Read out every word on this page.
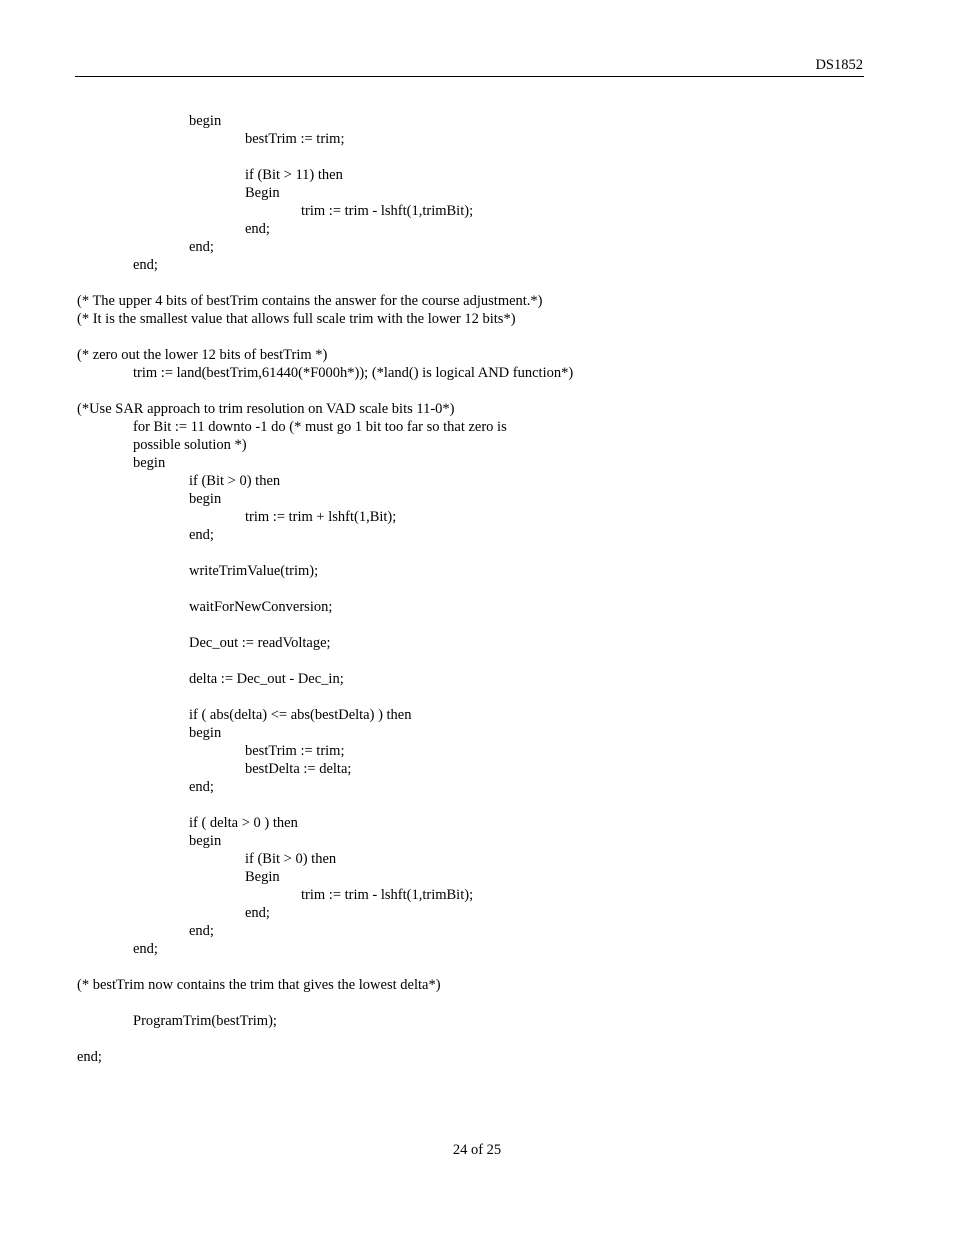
DS1852
begin
bestTrim := trim;
if (Bit > 11) then
Begin
trim := trim - lshft(1,trimBit);
end;
end;
end;
(* The upper 4 bits of bestTrim contains the answer for the course adjustment.*)
(* It is the smallest value that allows full scale trim with the lower 12 bits*)
(* zero out the lower 12 bits of bestTrim *)
trim := land(bestTrim,61440(*F000h*)); (*land() is logical AND function*)
(*Use SAR approach to trim resolution on VAD scale bits 11-0*)
for Bit := 11 downto -1 do (* must go 1 bit too far so that zero is
possible solution *)
begin
if (Bit > 0) then
begin
trim := trim + lshft(1,Bit);
end;
writeTrimValue(trim);
waitForNewConversion;
Dec_out := readVoltage;
delta := Dec_out - Dec_in;
if ( abs(delta) <= abs(bestDelta) ) then
begin
bestTrim := trim;
bestDelta := delta;
end;
if ( delta > 0 ) then
begin
if (Bit > 0) then
Begin
trim := trim - lshft(1,trimBit);
end;
end;
end;
(* bestTrim now contains the trim that gives the lowest delta*)
ProgramTrim(bestTrim);
end;
24 of 25
